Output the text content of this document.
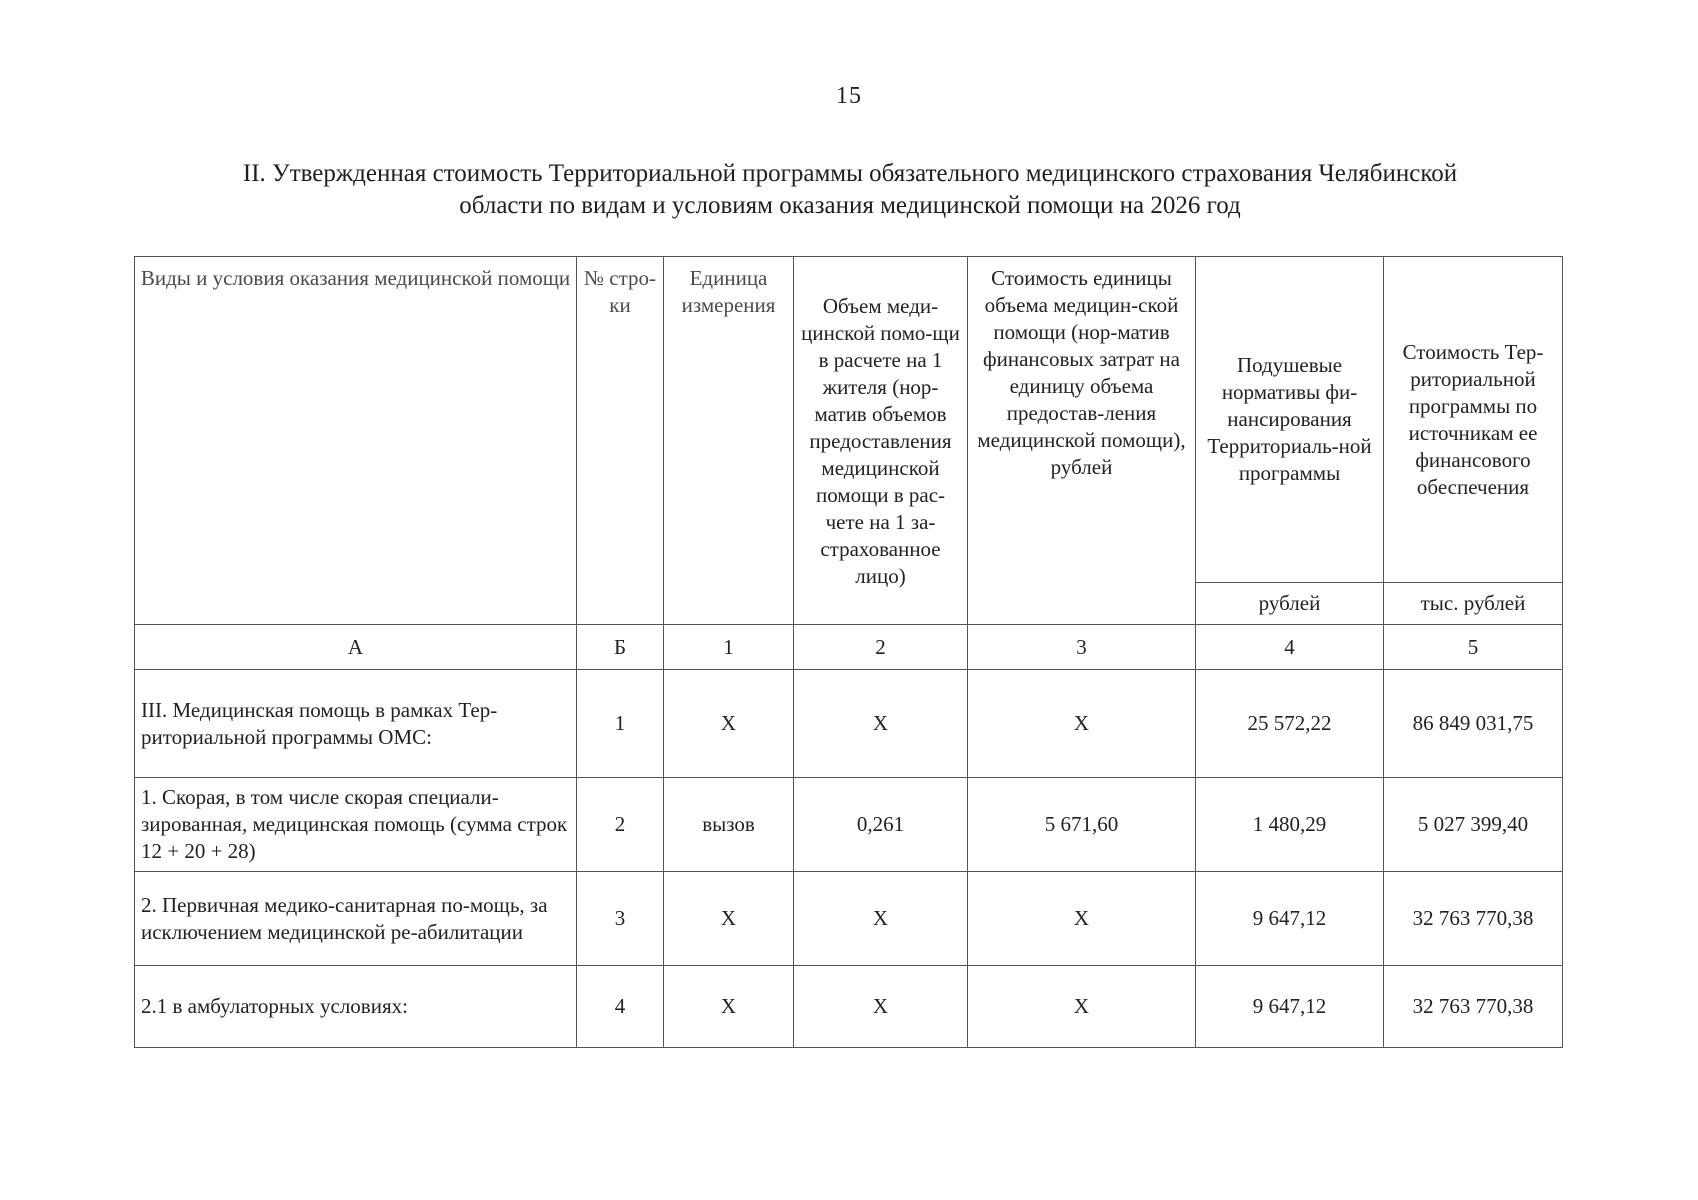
15
II. Утвержденная стоимость Территориальной программы обязательного медицинского страхования Челябинской
области по видам и условиям оказания медицинской помощи на 2026 год
Виды и условия оказания медицинской помощи	№ стро-ки	Единица измерения	Объем меди-цинской помо-щи в расчете на 1 жителя (нор-матив объемов предоставления медицинской помощи в рас-чете на 1 за-страхованное лицо)	Стоимость единицы объема медицин-ской помощи (нор-матив финансовых затрат на единицу объема предостав-ления медицинской помощи), рублей	Подушевые нормативы фи-нансирования Территориаль-ной программы	Стоимость Тер-риториальной программы по источникам ее финансового обеспечения
					рублей	тыс. рублей
А	Б	1	2	3	4	5
III. Медицинская помощь в рамках Тер-риториальной программы ОМС:	1	Х	Х	Х	25 572,22	86 849 031,75
1. Скорая, в том числе скорая специали-зированная, медицинская помощь (сумма строк 12 + 20 + 28)	2	вызов	0,261	5 671,60	1 480,29	5 027 399,40
2. Первичная медико-санитарная по-мощь, за исключением медицинской ре-абилитации	3	Х	Х	Х	9 647,12	32 763 770,38
2.1 в амбулаторных условиях:	4	Х	Х	Х	9 647,12	32 763 770,38
